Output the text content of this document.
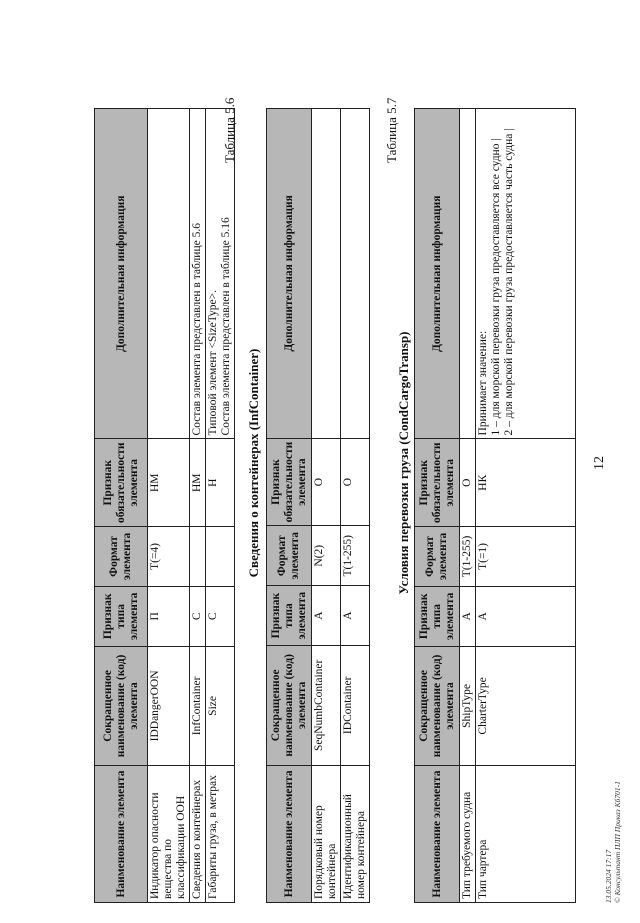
12
Наименование элемента	Сокращенное наименование (код) элемента	Признак типа элемента	Формат элемента	Признак обязательности элемента	Дополнительная информация
Индикатор опасности вещества по классификации ООН	IDDangerOON	П	Т(=4)	НМ	
Сведения о контейнерах	InfContainer	С		НМ	Состав элемента представлен в таблице 5.6
Габариты груза, в метрах	Size	С		Н	Типовой элемент <SizeType>. Состав элемента представлен в таблице 5.16
Таблица 5.6
Сведения о контейнерах (InfContainer)
Наименование элемента	Сокращенное наименование (код) элемента	Признак типа элемента	Формат элемента	Признак обязательности элемента	Дополнительная информация
Порядковый номер контейнера	SeqNumbContainer	А	N(2)	О	
Идентификационный номер контейнера	IDContainer	А	Т(1-255)	О	
Таблица 5.7
Условия перевозки груза (CondCargoTransp)
Наименование элемента	Сокращенное наименование (код) элемента	Признак типа элемента	Формат элемента	Признак обязательности элемента	Дополнительная информация
Тип требуемого судна	ShipType	А	Т(1-255)	О	
Тип чартера	CharterType	А	Т(=1)	НК	Принимает значение: 1 – для морской перевозки груза предоставляется все судно | 2 – для морской перевозки груза предоставляется часть судна |
13.05.2024 17:17 © Консультант ПЛП Приказ Кб701-1
